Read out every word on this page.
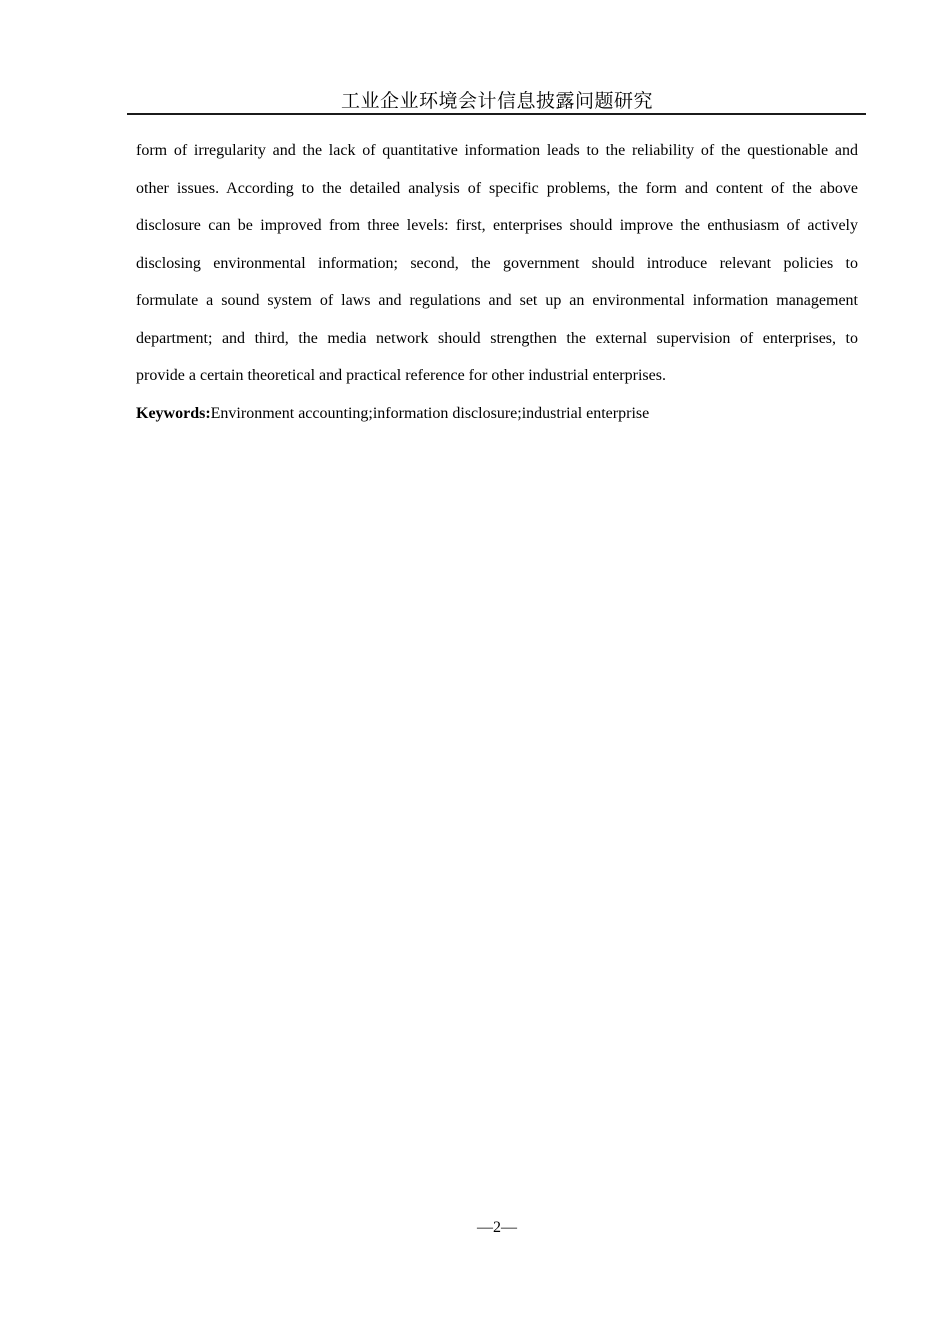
工业企业环境会计信息披露问题研究
form of irregularity and the lack of quantitative information leads to the reliability of the questionable and
other issues. According to the detailed analysis of specific problems, the form and content of the above
disclosure can be improved from three levels: first, enterprises should improve the enthusiasm of actively
disclosing environmental information; second, the government should introduce relevant policies to
formulate a sound system of laws and regulations and set up an environmental information management
department; and third, the media network should strengthen the external supervision of enterprises, to
provide a certain theoretical and practical reference for other industrial enterprises.
Keywords:Environment accounting;information disclosure;industrial enterprise
—2—
